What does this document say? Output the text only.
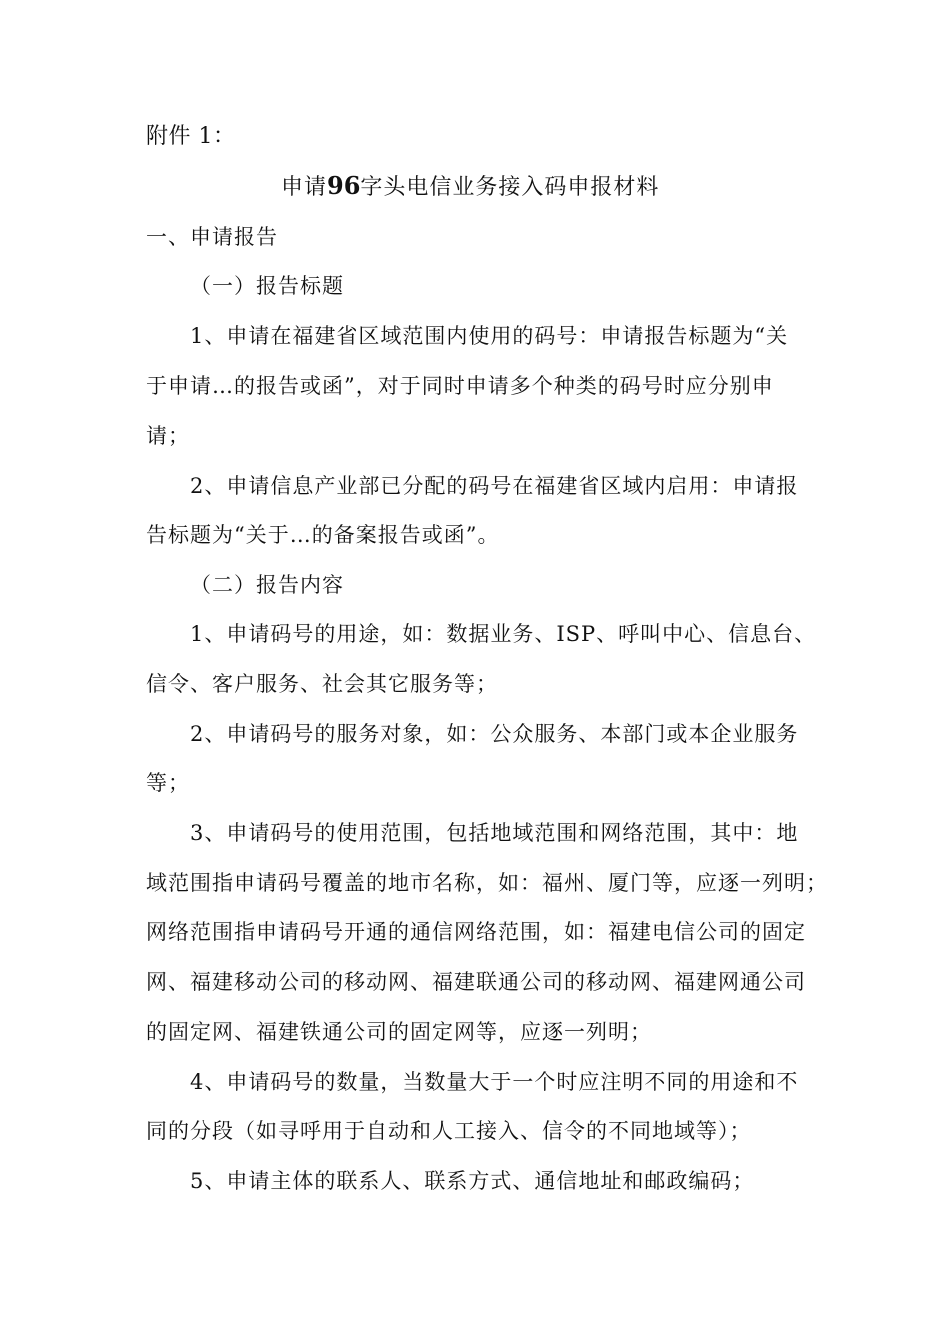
附件 1：
申请96字头电信业务接入码申报材料
一、申请报告
（一）报告标题
1、申请在福建省区域范围内使用的码号：申请报告标题为“关
于申请…的报告或函”，对于同时申请多个种类的码号时应分别申
请；
2、申请信息产业部已分配的码号在福建省区域内启用：申请报
告标题为“关于…的备案报告或函”。
（二）报告内容
1、申请码号的用途，如：数据业务、ISP、呼叫中心、信息台、
信令、客户服务、社会其它服务等；
2、申请码号的服务对象，如：公众服务、本部门或本企业服务
等；
3、申请码号的使用范围，包括地域范围和网络范围，其中：地
域范围指申请码号覆盖的地市名称，如：福州、厦门等，应逐一列明；
网络范围指申请码号开通的通信网络范围，如：福建电信公司的固定
网、福建移动公司的移动网、福建联通公司的移动网、福建网通公司
的固定网、福建铁通公司的固定网等，应逐一列明；
4、申请码号的数量，当数量大于一个时应注明不同的用途和不
同的分段（如寻呼用于自动和人工接入、信令的不同地域等）；
5、申请主体的联系人、联系方式、通信地址和邮政编码；
